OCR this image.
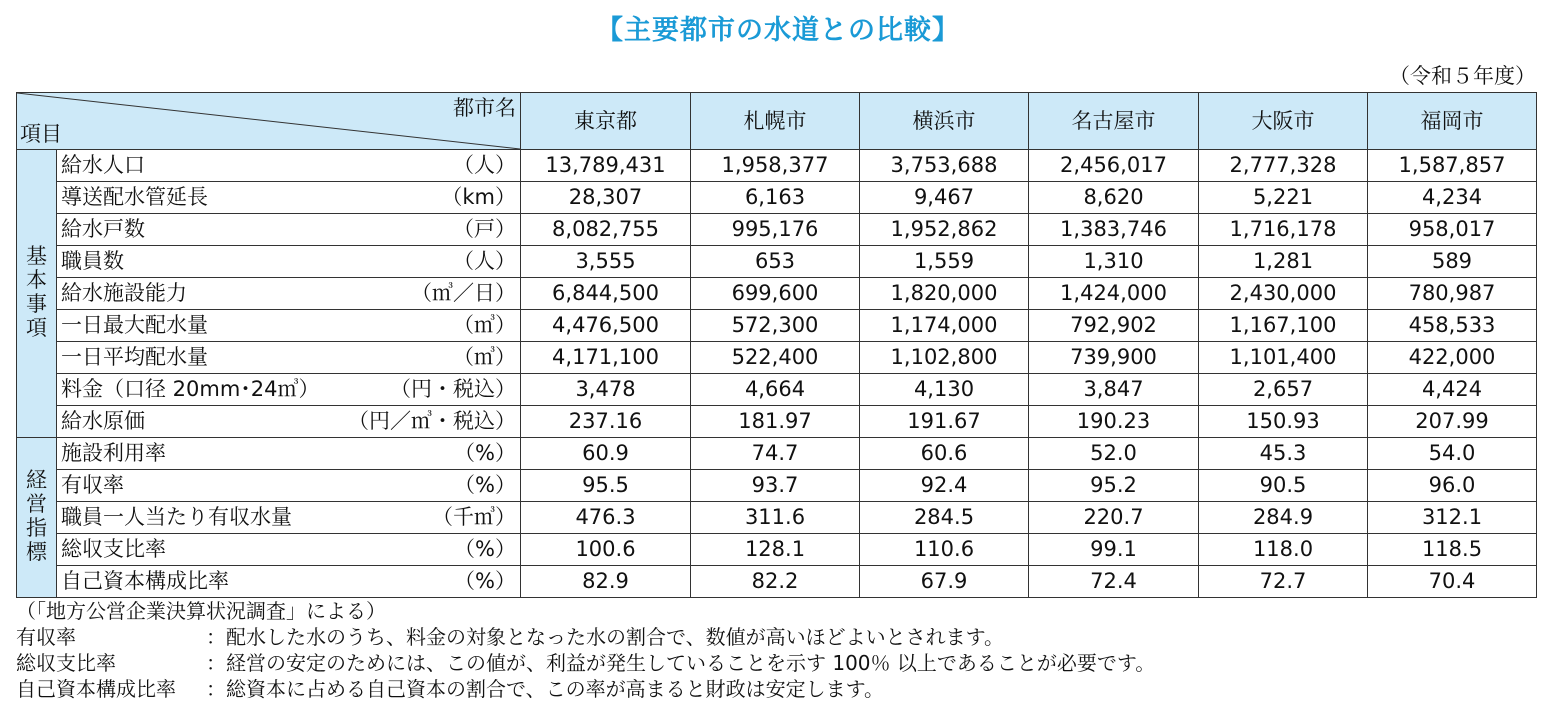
【主要都市の水道との比較】
（令和５年度）
都市名
項目		東京都	札幌市	横浜市	名古屋市	大阪市	福岡市
基本事項	給水人口 （人）	13,789,431	1,958,377	3,753,688	2,456,017	2,777,328	1,587,857

	導送配水管延長 （km）	28,307	6,163	9,467	8,620	5,221	4,234

	給水戸数 （戸）	8,082,755	995,176	1,952,862	1,383,746	1,716,178	958,017

	職員数 （人）	3,555	653	1,559	1,310	1,281	589

	給水施設能力 （㎥／日）	6,844,500	699,600	1,820,000	1,424,000	2,430,000	780,987

	一日最大配水量 （㎥）	4,476,500	572,300	1,174,000	792,902	1,167,100	458,533

	一日平均配水量 （㎥）	4,171,100	522,400	1,102,800	739,900	1,101,400	422,000

	料金（口径 20mm･24㎥） （円・税込）	3,478	4,664	4,130	3,847	2,657	4,424

	給水原価 （円／㎥・税込）	237.16	181.97	191.67	190.23	150.93	207.99
経営指標	施設利用率 （%）	60.9	74.7	60.6	52.0	45.3	54.0

	有収率 （%）	95.5	93.7	92.4	95.2	90.5	96.0

	職員一人当たり有収水量 （千㎥）	476.3	311.6	284.5	220.7	284.9	312.1

	総収支比率 （%）	100.6	128.1	110.6	99.1	118.0	118.5

	自己資本構成比率 （%）	82.9	82.2	67.9	72.4	72.7	70.4
（「地方公営企業決算状況調査」による）
有収率	：配水した水のうち、料金の対象となった水の割合で、数値が高いほどよいとされます。
総収支比率	：経営の安定のためには、この値が、利益が発生していることを示す 100％ 以上であることが必要です。
自己資本構成比率	：総資本に占める自己資本の割合で、この率が高まると財政は安定します。
